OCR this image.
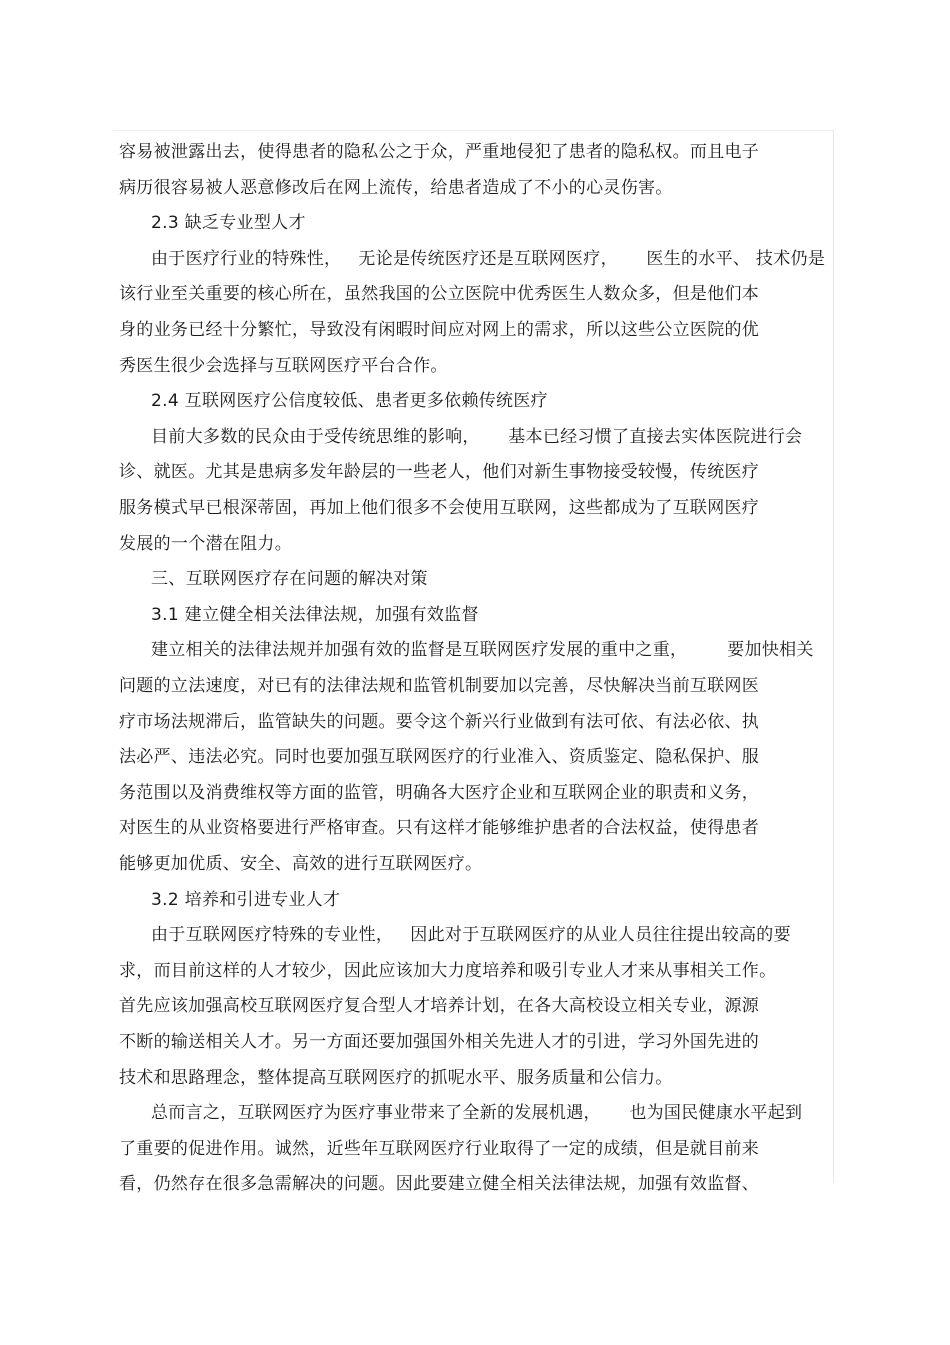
容易被泄露出去，使得患者的隐私公之于众，严重地侵犯了患者的隐私权。而且电子
病历很容易被人恶意修改后在网上流传，给患者造成了不小的心灵伤害。
2.3 缺乏专业型人才
由于医疗行业的特殊性，   无论是传统医疗还是互联网医疗，     医生的水平、 技术仍是
该行业至关重要的核心所在，虽然我国的公立医院中优秀医生人数众多，但是他们本
身的业务已经十分繁忙，导致没有闲暇时间应对网上的需求，所以这些公立医院的优
秀医生很少会选择与互联网医疗平台合作。
2.4 互联网医疗公信度较低、患者更多依赖传统医疗
目前大多数的民众由于受传统思维的影响，     基本已经习惯了直接去实体医院进行会
诊、就医。尤其是患病多发年龄层的一些老人，他们对新生事物接受较慢，传统医疗
服务模式早已根深蒂固，再加上他们很多不会使用互联网，这些都成为了互联网医疗
发展的一个潜在阻力。
三、互联网医疗存在问题的解决对策
3.1 建立健全相关法律法规，加强有效监督
建立相关的法律法规并加强有效的监督是互联网医疗发展的重中之重，       要加快相关
问题的立法速度，对已有的法律法规和监管机制要加以完善，尽快解决当前互联网医
疗市场法规滞后，监管缺失的问题。要令这个新兴行业做到有法可依、有法必依、执
法必严、违法必究。同时也要加强互联网医疗的行业准入、资质鉴定、隐私保护、服
务范围以及消费维权等方面的监管，明确各大医疗企业和互联网企业的职责和义务，
对医生的从业资格要进行严格审查。只有这样才能够维护患者的合法权益，使得患者
能够更加优质、安全、高效的进行互联网医疗。
3.2 培养和引进专业人才
由于互联网医疗特殊的专业性，   因此对于互联网医疗的从业人员往往提出较高的要
求，而目前这样的人才较少，因此应该加大力度培养和吸引专业人才来从事相关工作。
首先应该加强高校互联网医疗复合型人才培养计划，在各大高校设立相关专业，源源
不断的输送相关人才。另一方面还要加强国外相关先进人才的引进，学习外国先进的
技术和思路理念，整体提高互联网医疗的抓呢水平、服务质量和公信力。
总而言之，互联网医疗为医疗事业带来了全新的发展机遇，     也为国民健康水平起到
了重要的促进作用。诚然，近些年互联网医疗行业取得了一定的成绩，但是就目前来
看，仍然存在很多急需解决的问题。因此要建立健全相关法律法规，加强有效监督、
